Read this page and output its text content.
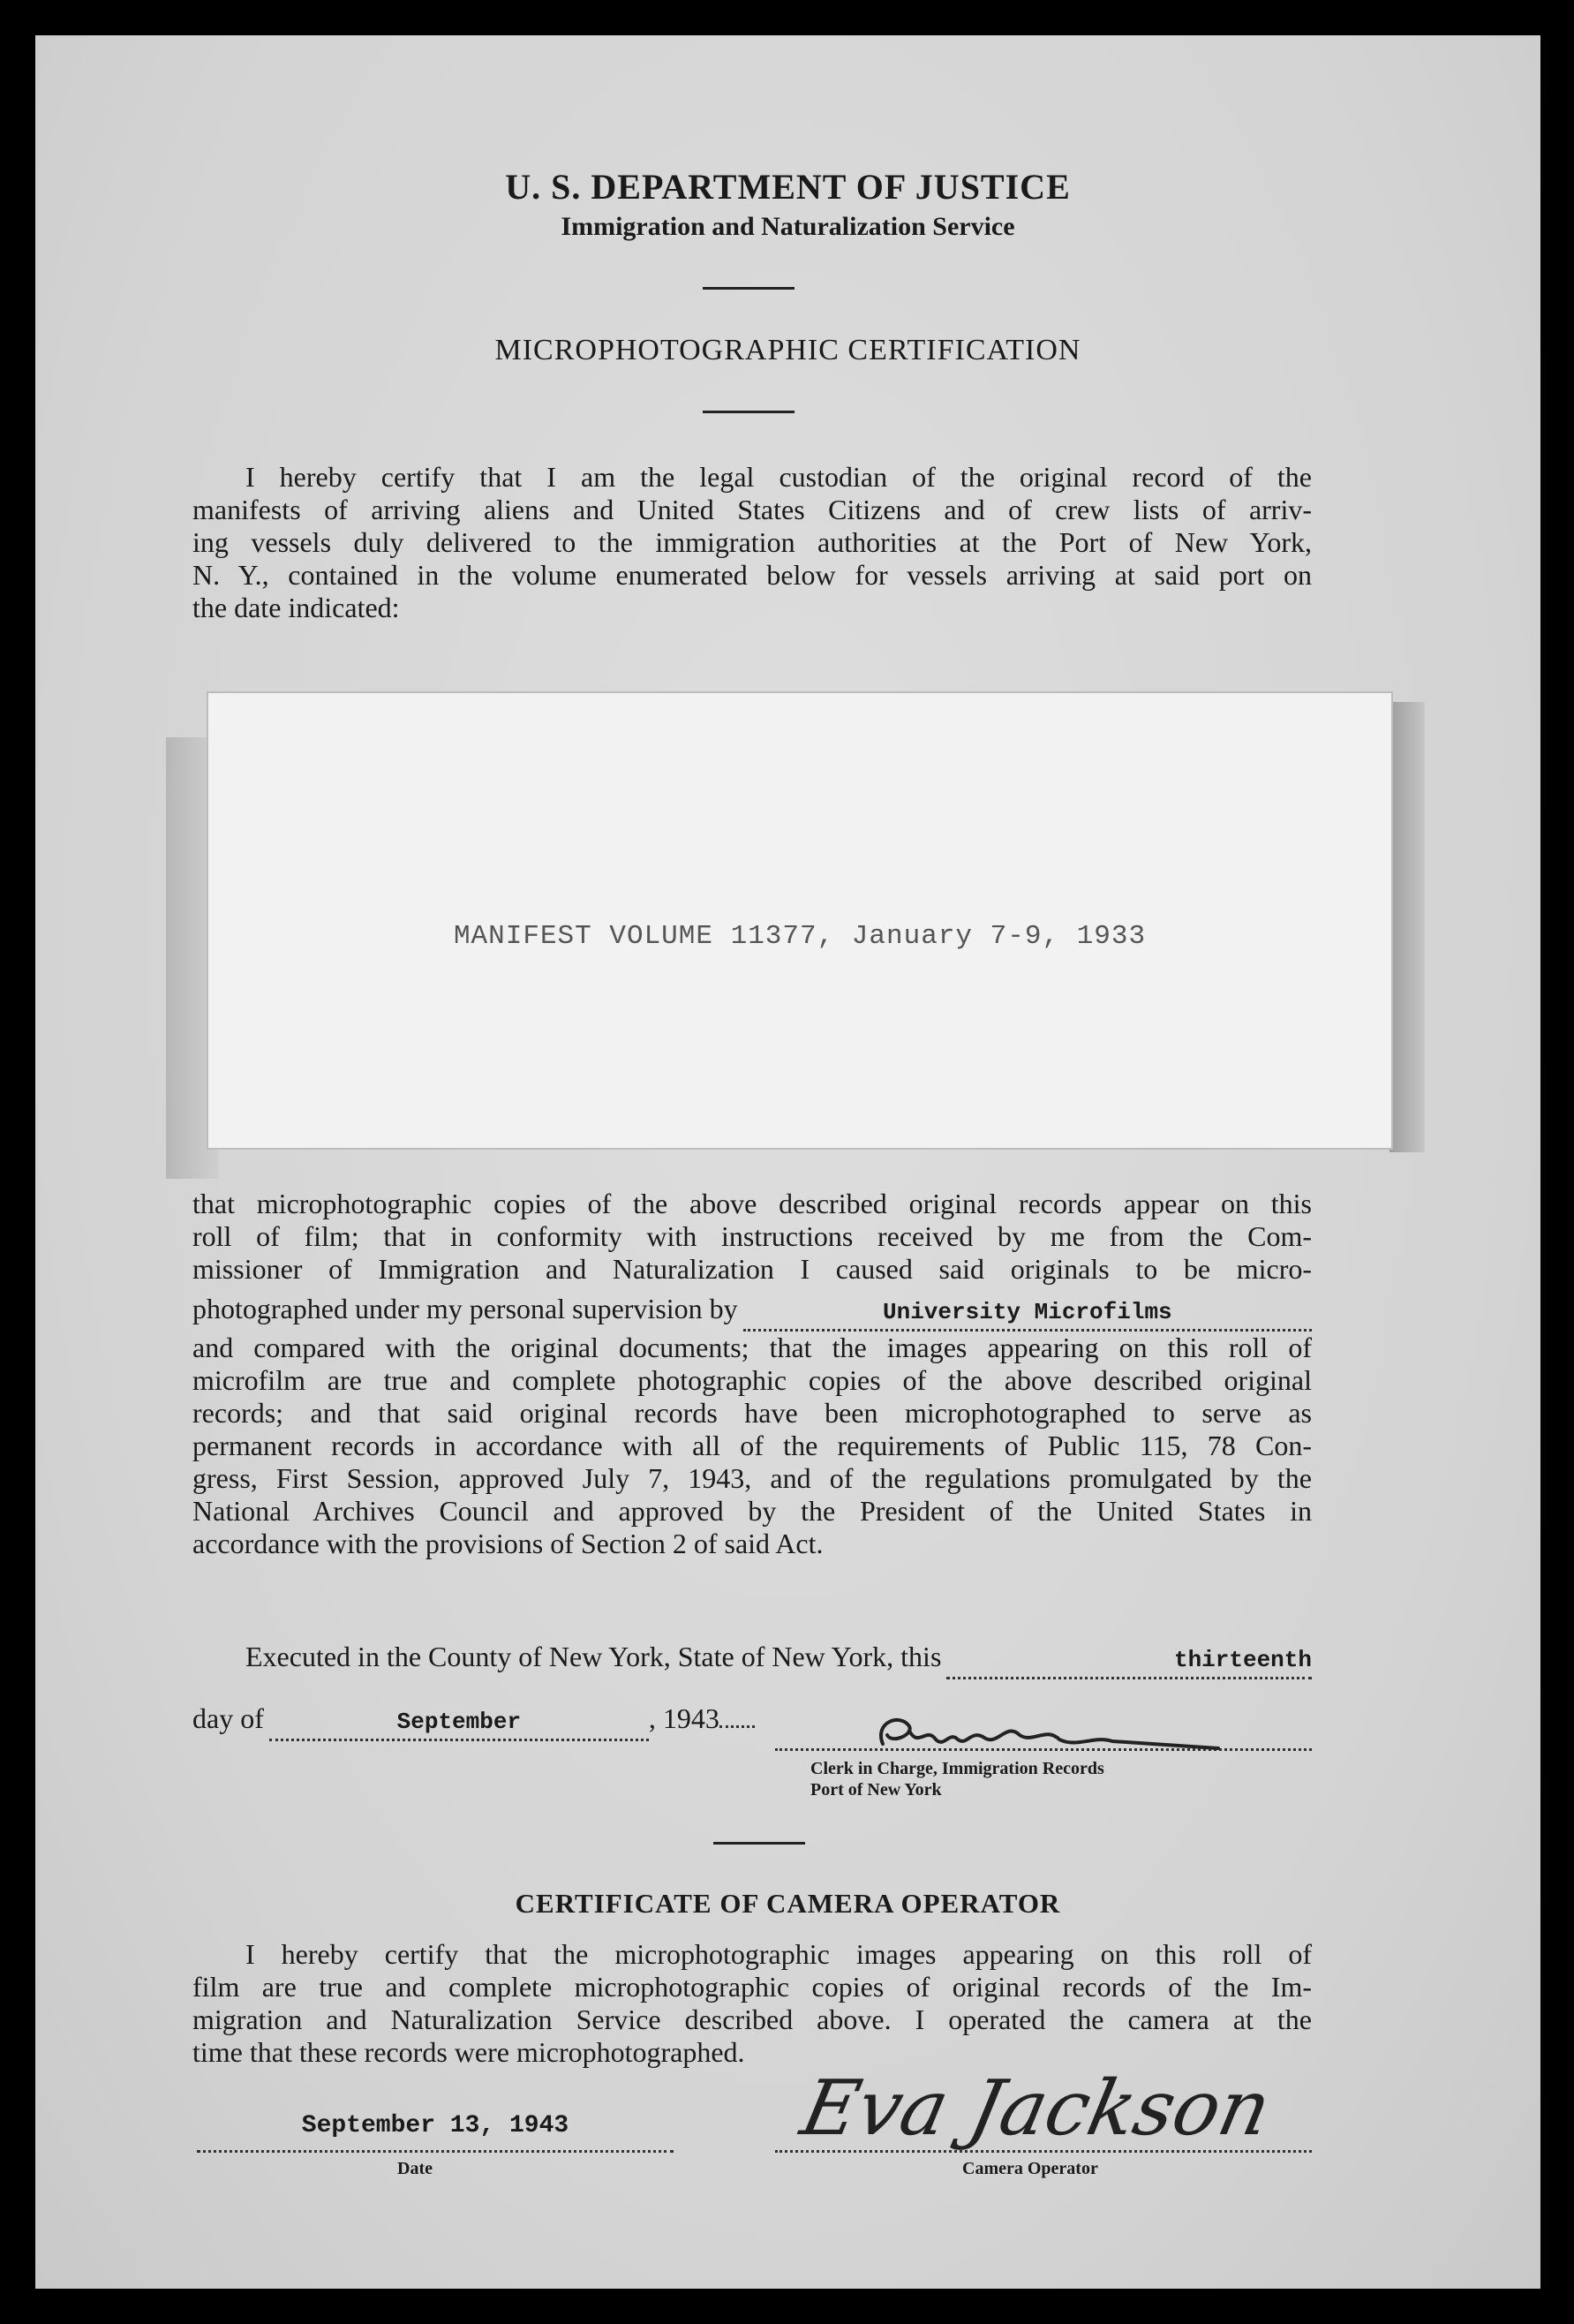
U. S. DEPARTMENT OF JUSTICE
Immigration and Naturalization Service
MICROPHOTOGRAPHIC CERTIFICATION
I hereby certify that I am the legal custodian of the original record of the
manifests of arriving aliens and United States Citizens and of crew lists of arriv-
ing vessels duly delivered to the immigration authorities at the Port of New York,
N. Y., contained in the volume enumerated below for vessels arriving at said port on
the date indicated:
MANIFEST VOLUME 11377, January 7-9, 1933
that microphotographic copies of the above described original records appear on this
roll of film; that in conformity with instructions received by me from the Com-
missioner of Immigration and Naturalization I caused said originals to be micro-
photographed under my personal supervision by	University Microfilms
and compared with the original documents; that the images appearing on this roll of
microfilm are true and complete photographic copies of the above described original
records; and that said original records have been microphotographed to serve as
permanent records in accordance with all of the requirements of Public 115, 78 Con-
gress, First Session, approved July 7, 1943, and of the regulations promulgated by the
National Archives Council and approved by the President of the United States in
accordance with the provisions of Section 2 of said Act.
Executed in the County of New York, State of New York, this	thirteenth
day of	September	, 1943
Clerk in Charge, Immigration Records
Port of New York
CERTIFICATE OF CAMERA OPERATOR
I hereby certify that the microphotographic images appearing on this roll of
film are true and complete microphotographic copies of original records of the Im-
migration and Naturalization Service described above. I operated the camera at the
time that these records were microphotographed.
September 13, 1943
Date
Eva Jackson
Camera Operator
